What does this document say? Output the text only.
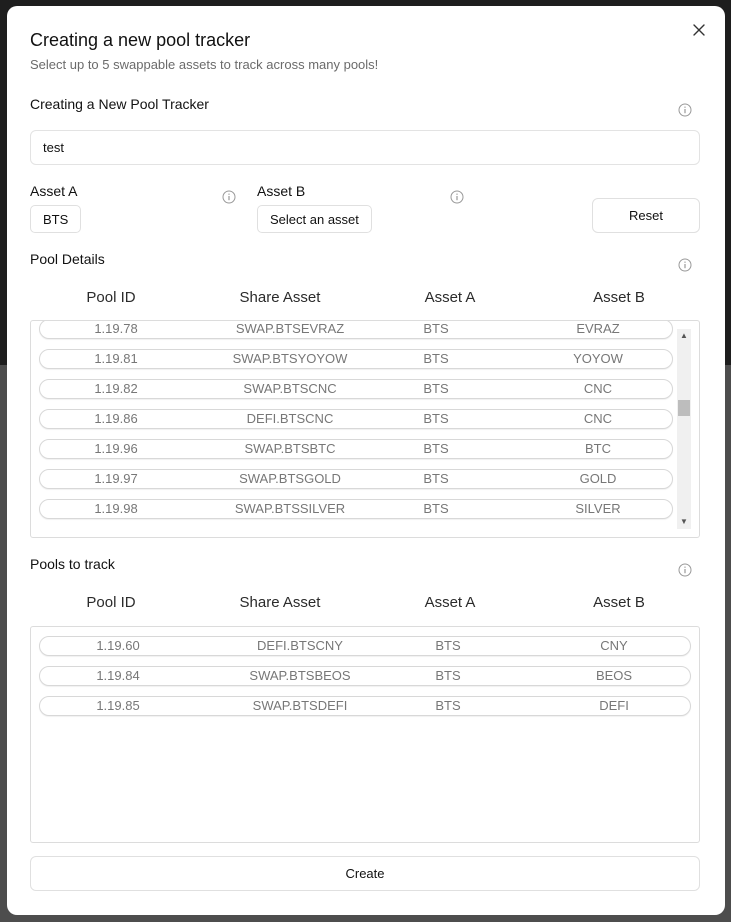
Creating a new pool tracker
Select up to 5 swappable assets to track across many pools!
Creating a New Pool Tracker
test
Asset A
BTS
Asset B
Select an asset	Reset
Pool Details
Pool ID	Share Asset	Asset A	Asset B
1.19.78	SWAP.BTSEVRAZ	BTS	EVRAZ
1.19.81	SWAP.BTSYOYOW	BTS	YOYOW
1.19.82	SWAP.BTSCNC	BTS	CNC
1.19.86	DEFI.BTSCNC	BTS	CNC
1.19.96	SWAP.BTSBTC	BTS	BTC
1.19.97	SWAP.BTSGOLD	BTS	GOLD
1.19.98	SWAP.BTSSILVER	BTS	SILVER
▲
▼
Pools to track
Pool ID	Share Asset	Asset A	Asset B
1.19.60	DEFI.BTSCNY	BTS	CNY
1.19.84	SWAP.BTSBEOS	BTS	BEOS
1.19.85	SWAP.BTSDEFI	BTS	DEFI
Create
